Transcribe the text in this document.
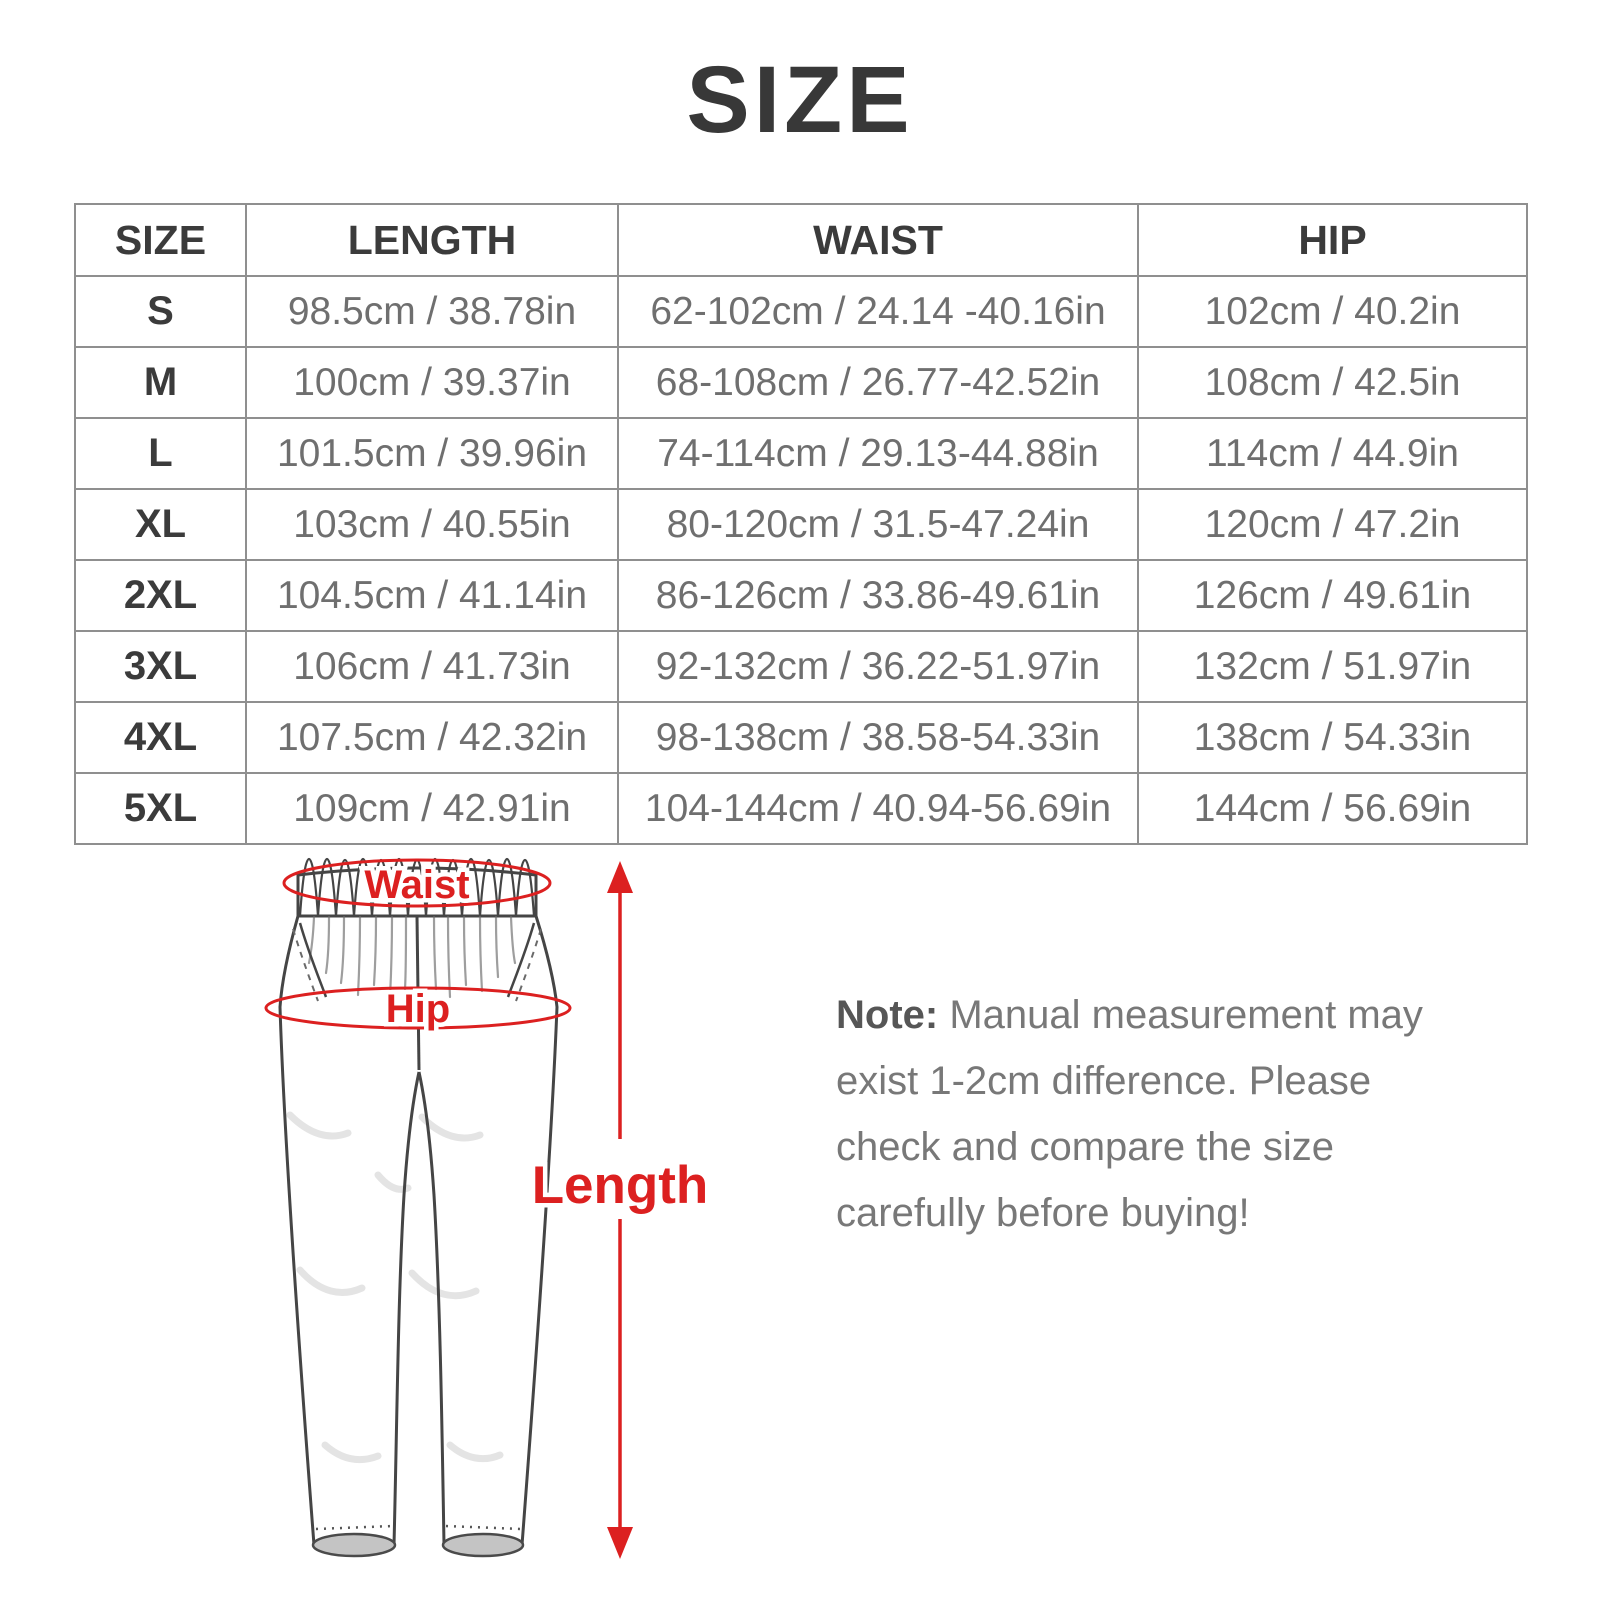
SIZE
SIZE	LENGTH	WAIST	HIP
S	98.5cm / 38.78in	62-102cm / 24.14 -40.16in	102cm / 40.2in
M	100cm / 39.37in	68-108cm / 26.77-42.52in	108cm / 42.5in
L	101.5cm / 39.96in	74-114cm / 29.13-44.88in	114cm / 44.9in
XL	103cm / 40.55in	80-120cm / 31.5-47.24in	120cm / 47.2in
2XL	104.5cm / 41.14in	86-126cm / 33.86-49.61in	126cm / 49.61in
3XL	106cm / 41.73in	92-132cm / 36.22-51.97in	132cm / 51.97in
4XL	107.5cm / 42.32in	98-138cm / 38.58-54.33in	138cm / 54.33in
5XL	109cm / 42.91in	104-144cm / 40.94-56.69in	144cm / 56.69in
Waist
Hip
Length
Note: Manual measurement may exist 1-2cm difference. Please check and compare the size carefully before buying!
